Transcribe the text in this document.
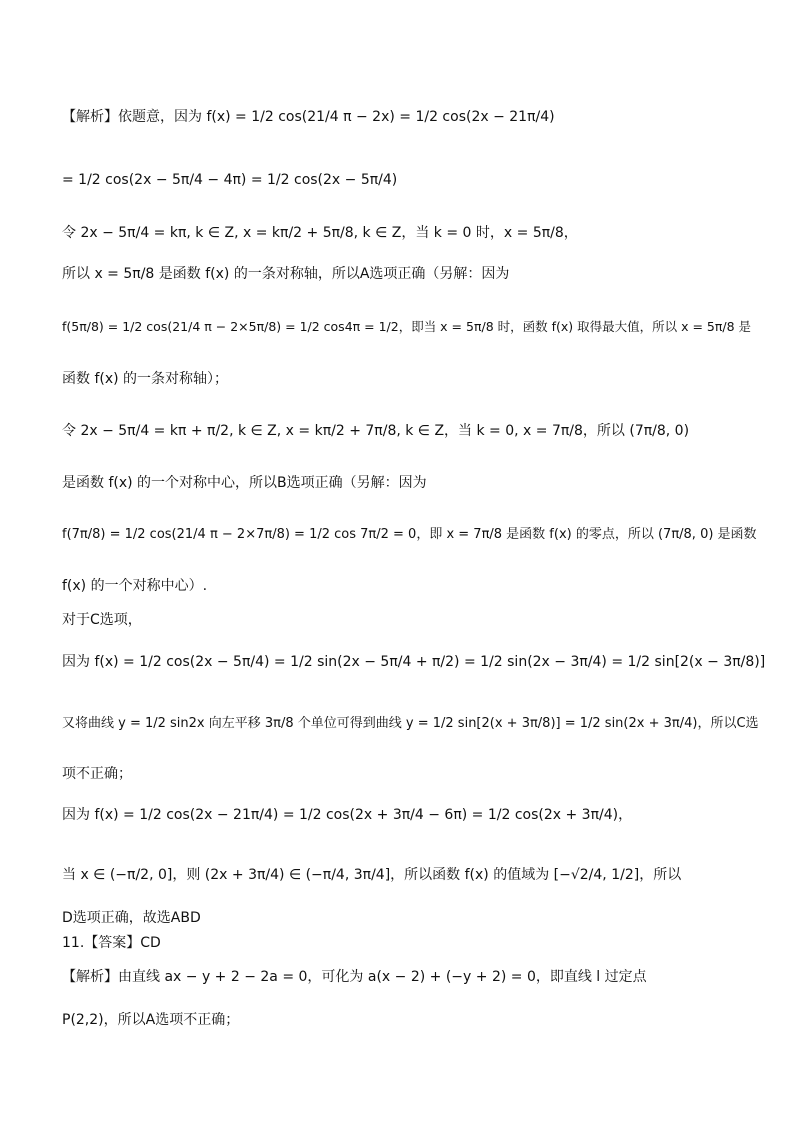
【解析】依题意，因为 f(x) = 1/2 cos(21/4 π − 2x) = 1/2 cos(2x − 21π/4)
= 1/2 cos(2x − 5π/4 − 4π) = 1/2 cos(2x − 5π/4)
令 2x − 5π/4 = kπ, k ∈ Z, x = kπ/2 + 5π/8, k ∈ Z，当 k = 0 时，x = 5π/8，
所以 x = 5π/8 是函数 f(x) 的一条对称轴，所以A选项正确（另解：因为
f(5π/8) = 1/2 cos(21/4 π − 2×5π/8) = 1/2 cos4π = 1/2，即当 x = 5π/8 时，函数 f(x) 取得最大值，所以 x = 5π/8 是
函数 f(x) 的一条对称轴）；
令 2x − 5π/4 = kπ + π/2, k ∈ Z, x = kπ/2 + 7π/8, k ∈ Z，当 k = 0, x = 7π/8，所以 (7π/8, 0)
是函数 f(x) 的一个对称中心，所以B选项正确（另解：因为
f(7π/8) = 1/2 cos(21/4 π − 2×7π/8) = 1/2 cos 7π/2 = 0，即 x = 7π/8 是函数 f(x) 的零点，所以 (7π/8, 0) 是函数
f(x) 的一个对称中心）.
对于C选项，
因为 f(x) = 1/2 cos(2x − 5π/4) = 1/2 sin(2x − 5π/4 + π/2) = 1/2 sin(2x − 3π/4) = 1/2 sin[2(x − 3π/8)]
又将曲线 y = 1/2 sin2x 向左平移 3π/8 个单位可得到曲线 y = 1/2 sin[2(x + 3π/8)] = 1/2 sin(2x + 3π/4)，所以C选
项不正确；
因为 f(x) = 1/2 cos(2x − 21π/4) = 1/2 cos(2x + 3π/4 − 6π) = 1/2 cos(2x + 3π/4)，
当 x ∈ (−π/2, 0]，则 (2x + 3π/4) ∈ (−π/4, 3π/4]，所以函数 f(x) 的值域为 [−√2/4, 1/2]，所以
D选项正确，故选ABD
11.【答案】CD
【解析】由直线 ax − y + 2 − 2a = 0，可化为 a(x − 2) + (−y + 2) = 0，即直线 l 过定点
P(2,2)，所以A选项不正确；
